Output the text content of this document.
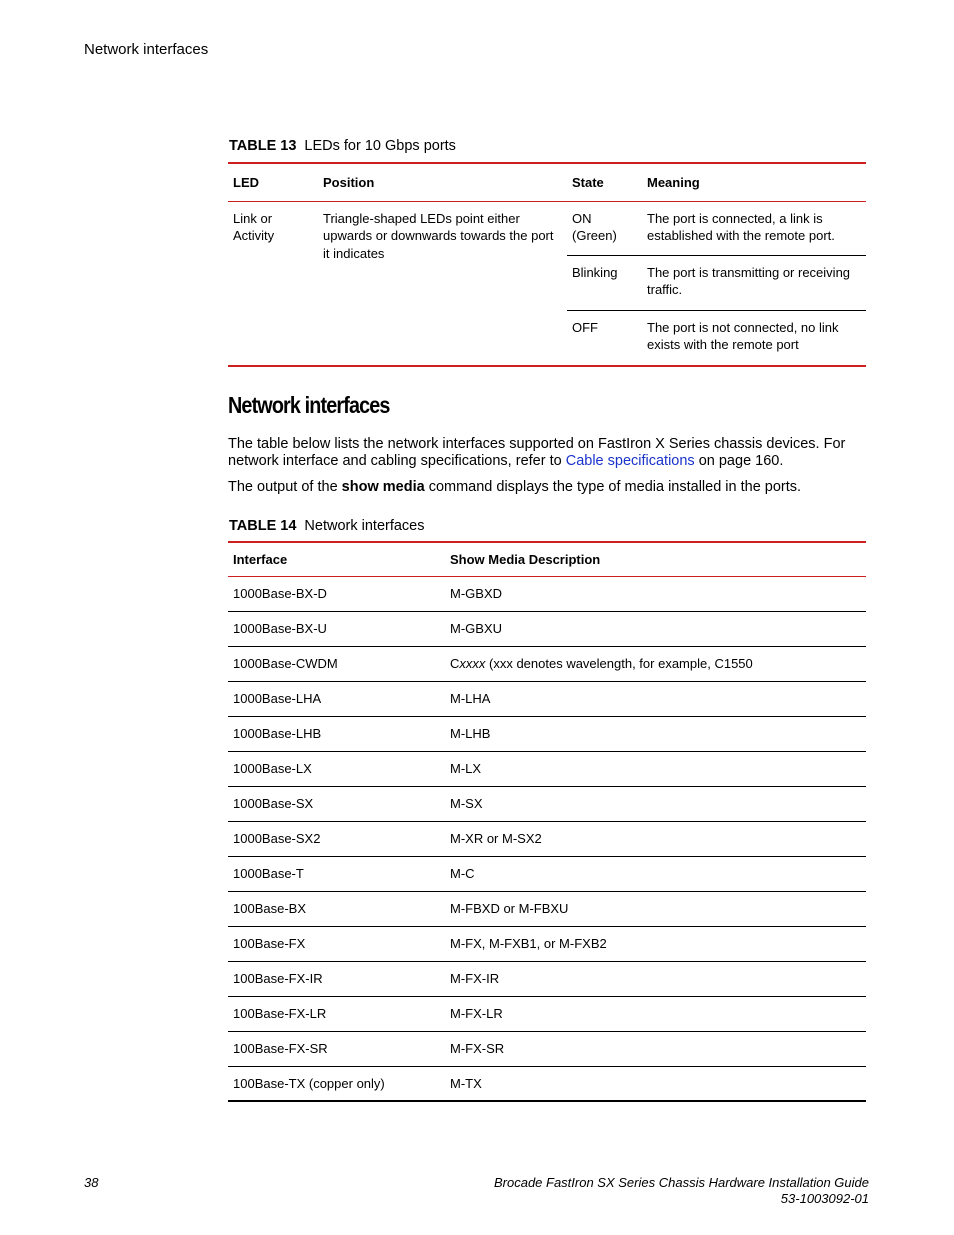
Network interfaces
TABLE 13 LEDs for 10 Gbps ports
LED	Position	State	Meaning
Link or Activity	Triangle-shaped LEDs point either upwards or downwards towards the port it indicates	ON (Green)	The port is connected, a link is established with the remote port.
		Blinking	The port is transmitting or receiving traffic.
		OFF	The port is not connected, no link exists with the remote port
Network interfaces

The table below lists the network interfaces supported on FastIron X Series chassis devices. For network interface and cabling specifications, refer to Cable specifications on page 160.

The output of the show media command displays the type of media installed in the ports.

TABLE 14 Network interfaces
Interface	Show Media Description
1000Base-BX-D	M-GBXD
1000Base-BX-U	M-GBXU
1000Base-CWDM	Cxxxx (xxx denotes wavelength, for example, C1550
1000Base-LHA	M-LHA
1000Base-LHB	M-LHB
1000Base-LX	M-LX
1000Base-SX	M-SX
1000Base-SX2	M-XR or M-SX2
1000Base-T	M-C
100Base-BX	M-FBXD or M-FBXU
100Base-FX	M-FX, M-FXB1, or M-FXB2
100Base-FX-IR	M-FX-IR
100Base-FX-LR	M-FX-LR
100Base-FX-SR	M-FX-SR
100Base-TX (copper only)	M-TX
38	Brocade FastIron SX Series Chassis Hardware Installation Guide
53-1003092-01
